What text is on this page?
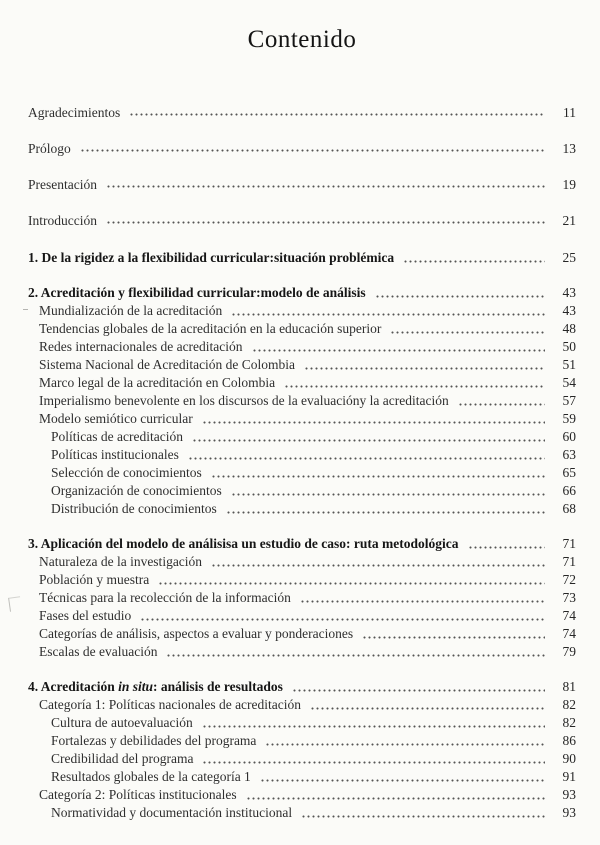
Contenido
Agradecimientos	11
Prólogo	13
Presentación	19
Introducción	21
1. De la rigidez a la flexibilidad curricular:situación problémica	25
2. Acreditación y flexibilidad curricular:modelo de análisis	43
Mundialización de la acreditación	43
Tendencias globales de la acreditación en la educación superior	48
Redes internacionales de acreditación	50
Sistema Nacional de Acreditación de Colombia	51
Marco legal de la acreditación en Colombia	54
Imperialismo benevolente en los discursos de la evaluacióny la acreditación	57
Modelo semiótico curricular	59
Políticas de acreditación	60
Políticas institucionales	63
Selección de conocimientos	65
Organización de conocimientos	66
Distribución de conocimientos	68
3. Aplicación del modelo de análisisa un estudio de caso: ruta metodológica	71
Naturaleza de la investigación	71
Población y muestra	72
Técnicas para la recolección de la información	73
Fases del estudio	74
Categorías de análisis, aspectos a evaluar y ponderaciones	74
Escalas de evaluación	79
4. Acreditación in situ: análisis de resultados	81
Categoría 1: Políticas nacionales de acreditación	82
Cultura de autoevaluación	82
Fortalezas y debilidades del programa	86
Credibilidad del programa	90
Resultados globales de la categoría 1	91
Categoría 2: Políticas institucionales	93
Normatividad y documentación institucional	93
